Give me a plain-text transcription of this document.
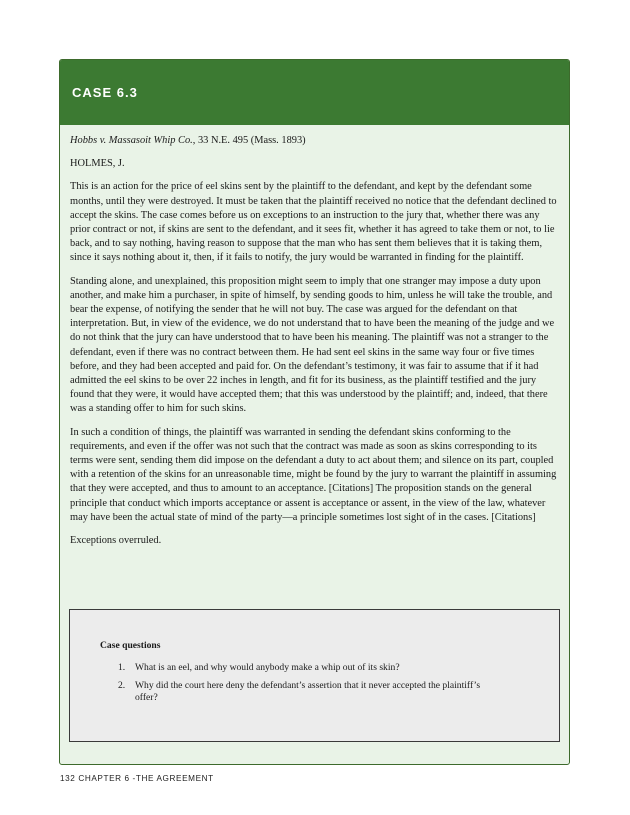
CASE 6.3

Hobbs v. Massasoit Whip Co., 33 N.E. 495 (Mass. 1893)

HOLMES, J.

This is an action for the price of eel skins sent by the plaintiff to the defendant, and kept by the defendant some months, until they were destroyed. It must be taken that the plaintiff received no notice that the defendant declined to accept the skins. The case comes before us on exceptions to an instruction to the jury that, whether there was any prior contract or not, if skins are sent to the defendant, and it sees fit, whether it has agreed to take them or not, to lie back, and to say nothing, having reason to suppose that the man who has sent them believes that it is taking them, since it says nothing about it, then, if it fails to notify, the jury would be warranted in finding for the plaintiff.

Standing alone, and unexplained, this proposition might seem to imply that one stranger may impose a duty upon another, and make him a purchaser, in spite of himself, by sending goods to him, unless he will take the trouble, and bear the expense, of notifying the sender that he will not buy. The case was argued for the defendant on that interpretation. But, in view of the evidence, we do not understand that to have been the meaning of the judge and we do not think that the jury can have understood that to have been his meaning. The plaintiff was not a stranger to the defendant, even if there was no contract between them. He had sent eel skins in the same way four or five times before, and they had been accepted and paid for. On the defendant’s testimony, it was fair to assume that if it had admitted the eel skins to be over 22 inches in length, and fit for its business, as the plaintiff testified and the jury found that they were, it would have accepted them; that this was understood by the plaintiff; and, indeed, that there was a standing offer to him for such skins.

In such a condition of things, the plaintiff was warranted in sending the defendant skins conforming to the requirements, and even if the offer was not such that the contract was made as soon as skins corresponding to its terms were sent, sending them did impose on the defendant a duty to act about them; and silence on its part, coupled with a retention of the skins for an unreasonable time, might be found by the jury to warrant the plaintiff in assuming that they were accepted, and thus to amount to an acceptance. [Citations] The proposition stands on the general principle that conduct which imports acceptance or assent is acceptance or assent, in the view of the law, whatever may have been the actual state of mind of the party—a principle sometimes lost sight of in the cases. [Citations]

Exceptions overruled.

Case questions
1. What is an eel, and why would anybody make a whip out of its skin?
2. Why did the court here deny the defendant’s assertion that it never accepted the plaintiff’s offer?
132 CHAPTER 6 -THE AGREEMENT
